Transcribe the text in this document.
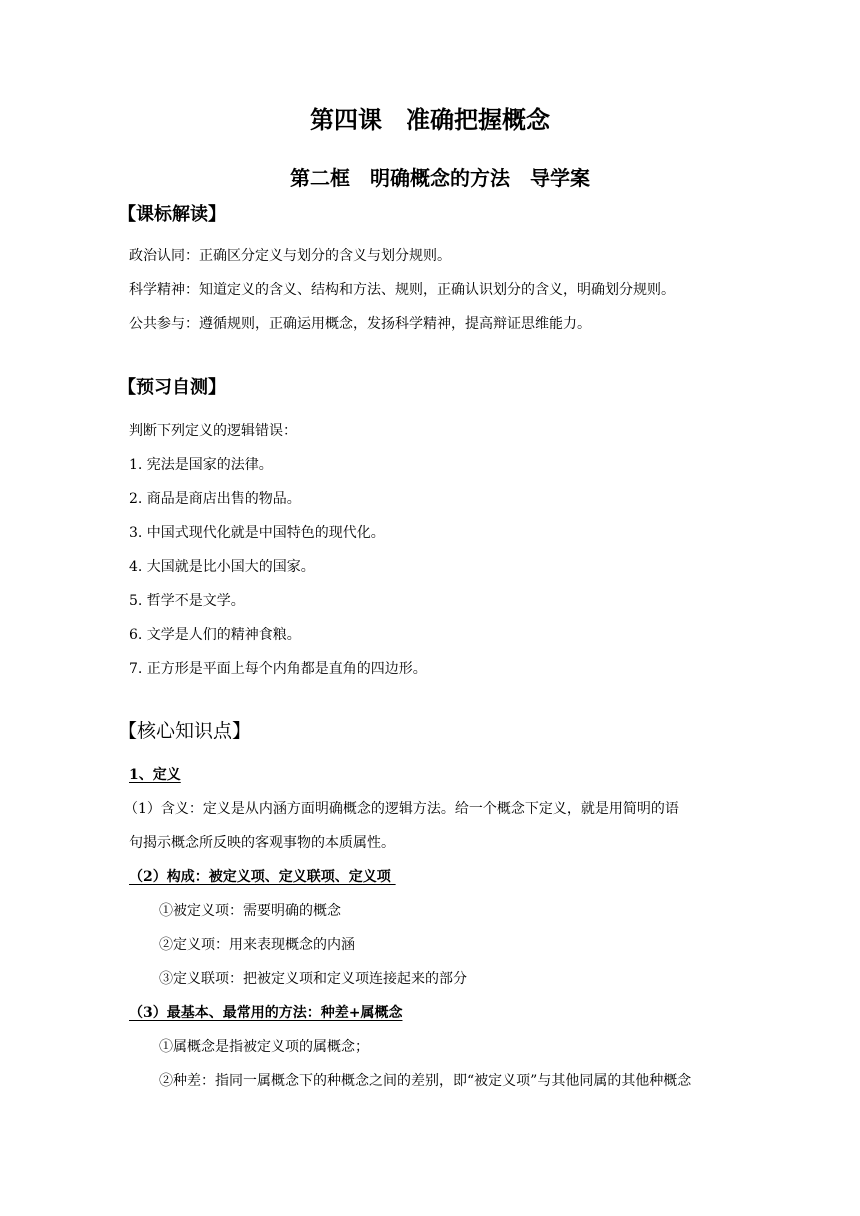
第四课　准确把握概念
第二框　明确概念的方法　导学案
【课标解读】
政治认同：正确区分定义与划分的含义与划分规则。
科学精神：知道定义的含义、结构和方法、规则，正确认识划分的含义，明确划分规则。
公共参与：遵循规则，正确运用概念，发扬科学精神，提高辩证思维能力。
【预习自测】
判断下列定义的逻辑错误：
1. 宪法是国家的法律。
2. 商品是商店出售的物品。
3. 中国式现代化就是中国特色的现代化。
4. 大国就是比小国大的国家。
5. 哲学不是文学。
6. 文学是人们的精神食粮。
7. 正方形是平面上每个内角都是直角的四边形。
【核心知识点】
1、定义
（1）含义：定义是从内涵方面明确概念的逻辑方法。给一个概念下定义，就是用简明的语
句揭示概念所反映的客观事物的本质属性。
（2）构成：被定义项、定义联项、定义项
①被定义项：需要明确的概念
②定义项：用来表现概念的内涵
③定义联项：把被定义项和定义项连接起来的部分
（3）最基本、最常用的方法：种差+属概念
①属概念是指被定义项的属概念；
②种差：指同一属概念下的种概念之间的差别，即“被定义项”与其他同属的其他种概念
